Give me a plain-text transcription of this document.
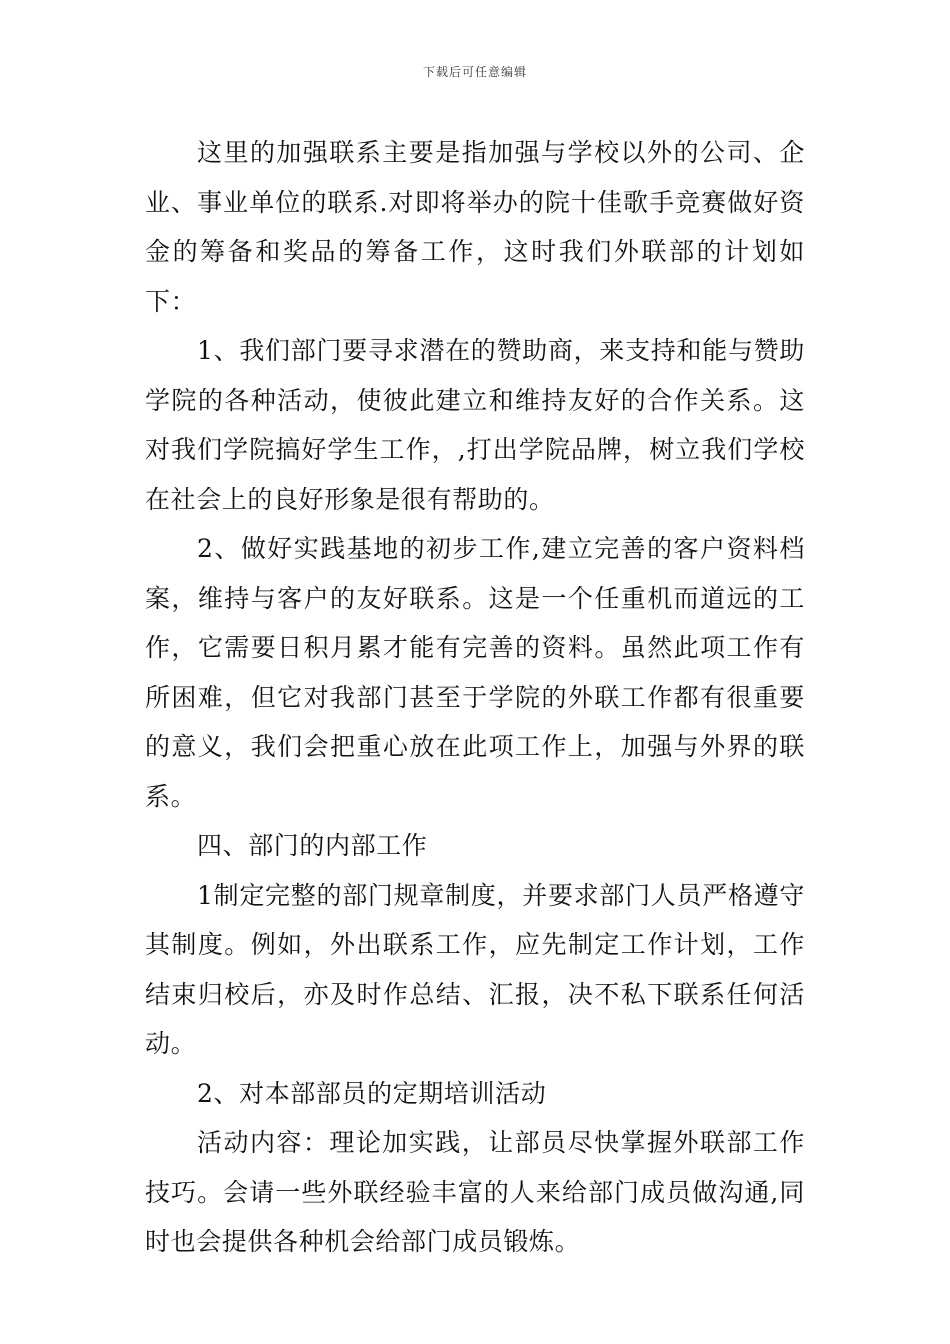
下载后可任意编辑

这里的加强联系主要是指加强与学校以外的公司、企业、事业单位的联系.对即将举办的院十佳歌手竞赛做好资金的筹备和奖品的筹备工作，这时我们外联部的计划如下：

1、我们部门要寻求潜在的赞助商，来支持和能与赞助学院的各种活动，使彼此建立和维持友好的合作关系。这对我们学院搞好学生工作，,打出学院品牌，树立我们学校在社会上的良好形象是很有帮助的。

2、做好实践基地的初步工作,建立完善的客户资料档案，维持与客户的友好联系。这是一个任重机而道远的工作，它需要日积月累才能有完善的资料。虽然此项工作有所困难，但它对我部门甚至于学院的外联工作都有很重要的意义，我们会把重心放在此项工作上，加强与外界的联系。

四、部门的内部工作

1制定完整的部门规章制度，并要求部门人员严格遵守其制度。例如，外出联系工作，应先制定工作计划，工作结束归校后，亦及时作总结、汇报，决不私下联系任何活动。

2、对本部部员的定期培训活动

活动内容：理论加实践，让部员尽快掌握外联部工作技巧。会请一些外联经验丰富的人来给部门成员做沟通,同时也会提供各种机会给部门成员锻炼。
